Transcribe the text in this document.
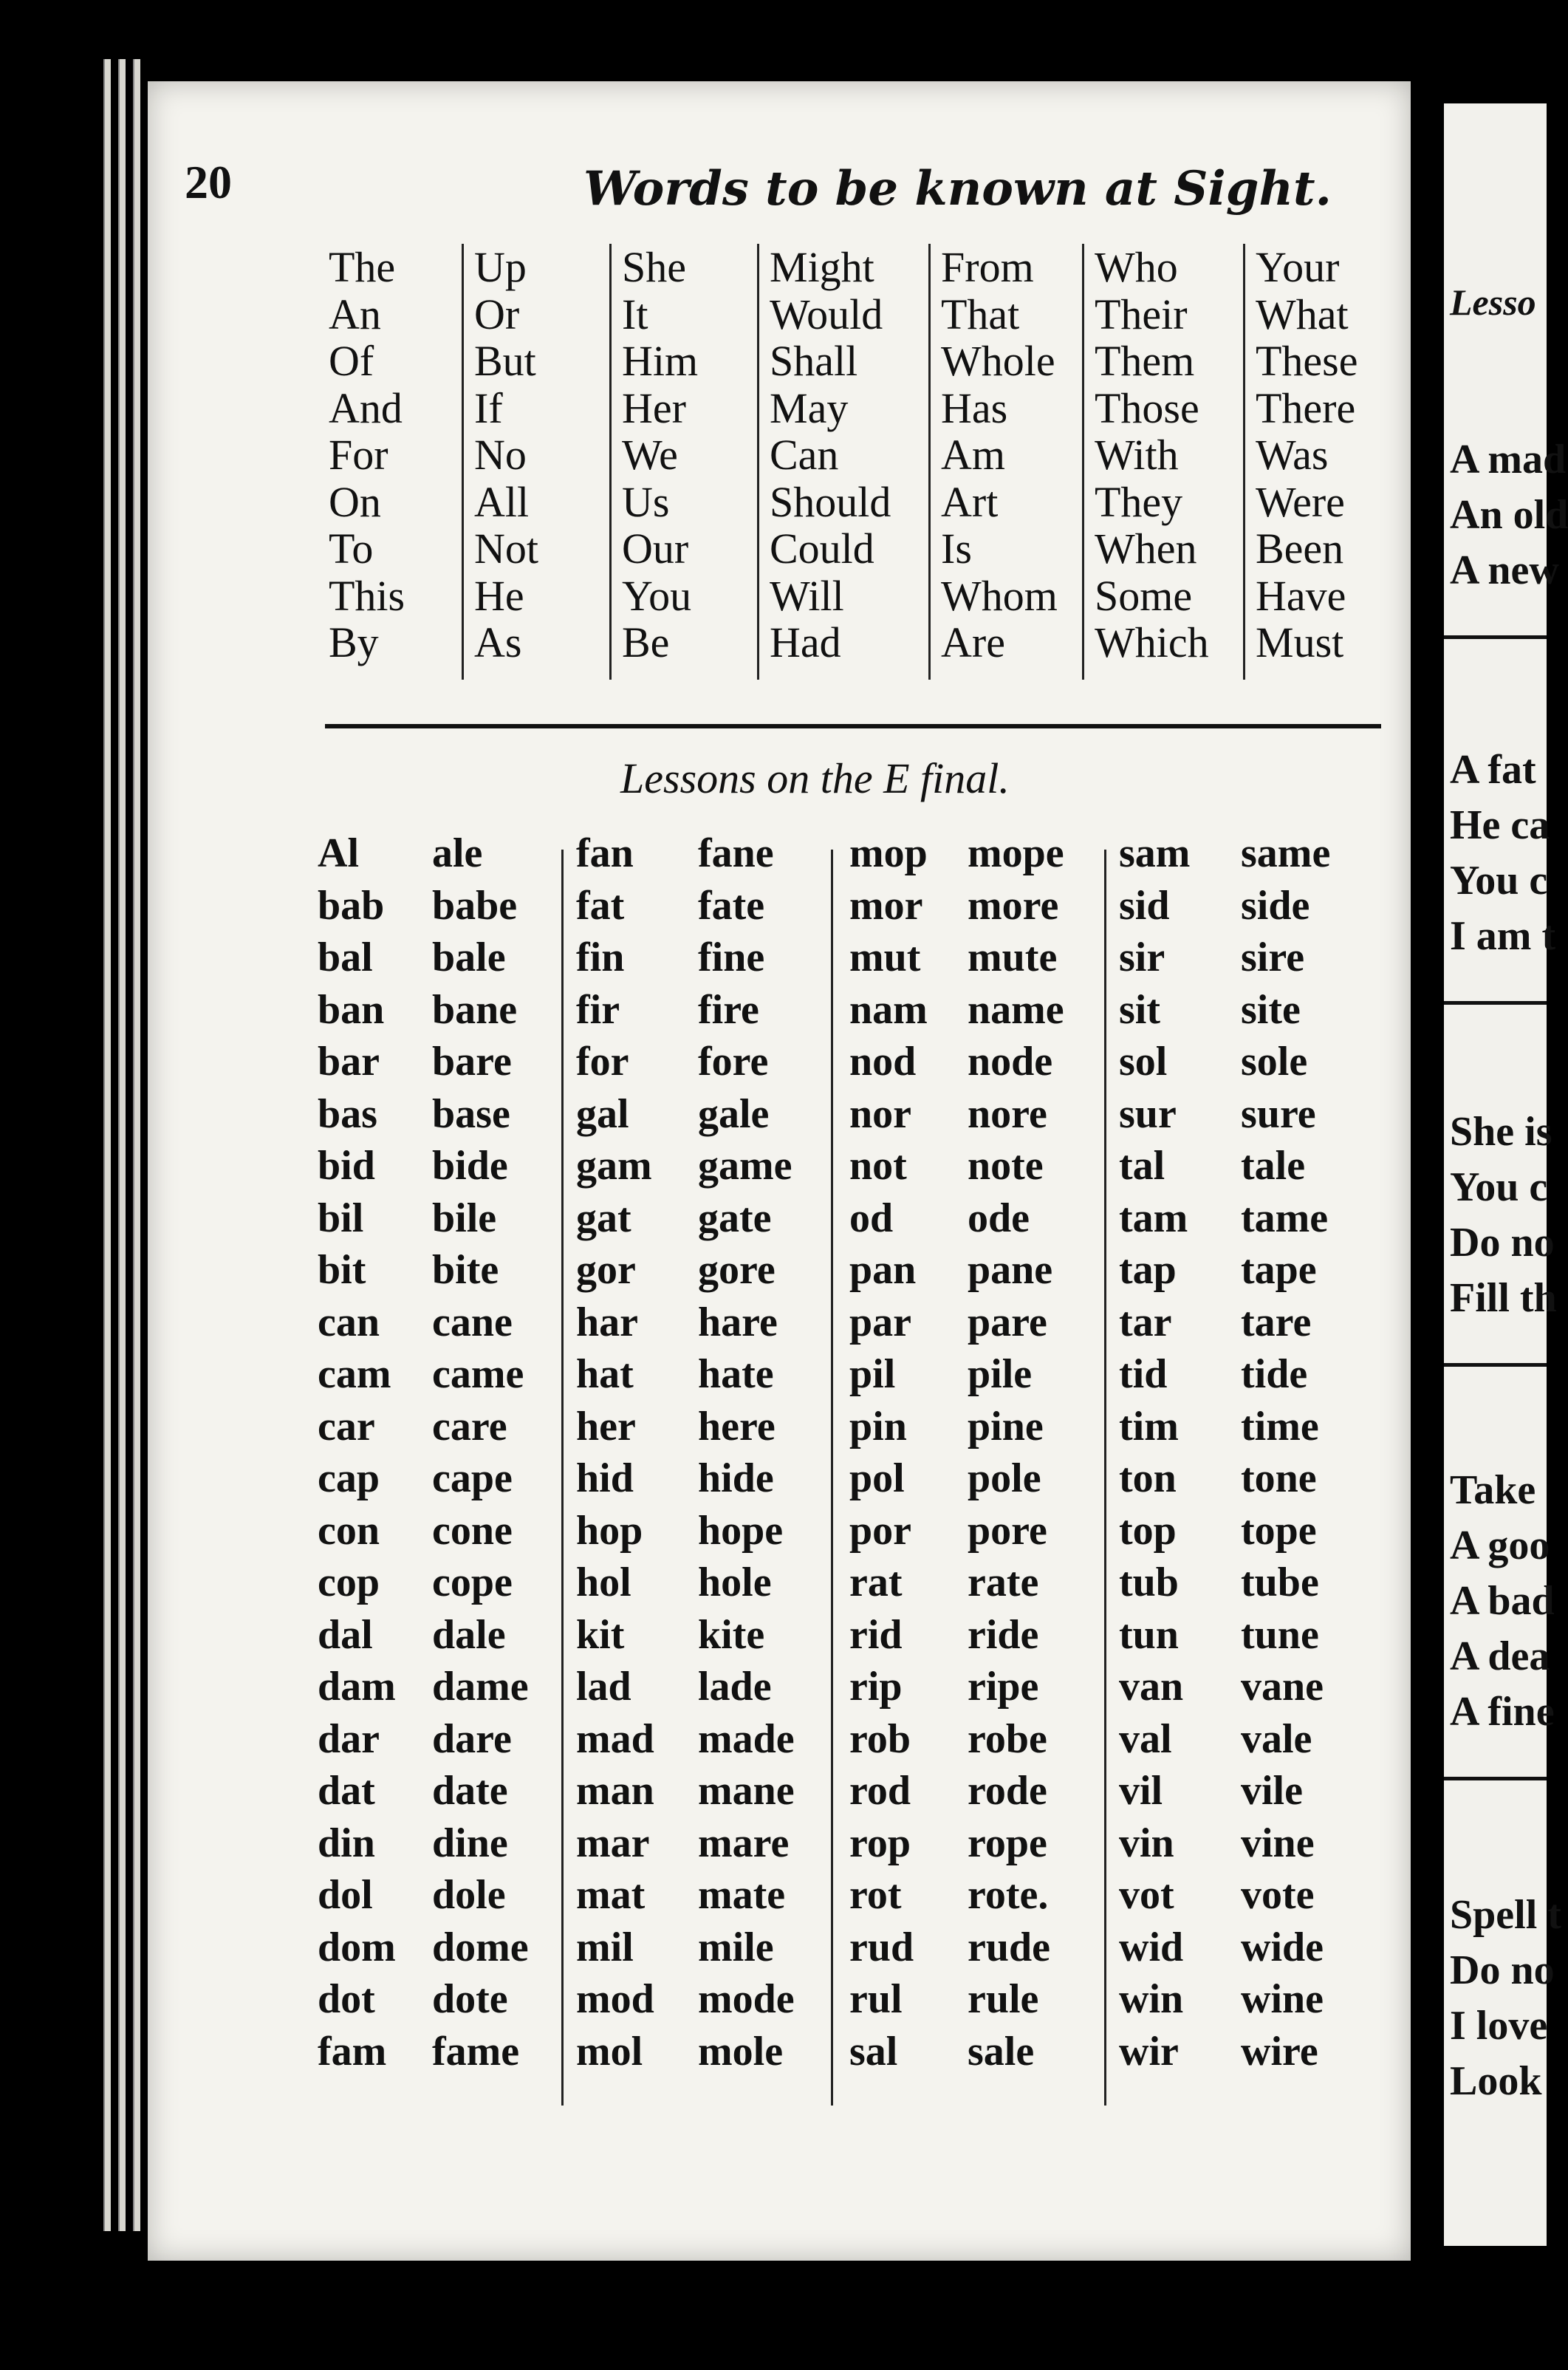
20	Words to be known at Sight.
The
An
Of
And
For
On
To
This
By
Up
Or
But
If
No
All
Not
He
As
She
It
Him
Her
We
Us
Our
You
Be
Might
Would
Shall
May
Can
Should
Could
Will
Had
From
That
Whole
Has
Am
Art
Is
Whom
Are
Who
Their
Them
Those
With
They
When
Some
Which
Your
What
These
There
Was
Were
Been
Have
Must
Lessons on the E final.
Al
bab
bal
ban
bar
bas
bid
bil
bit
can
cam
car
cap
con
cop
dal
dam
dar
dat
din
dol
dom
dot
fam
ale
babe
bale
bane
bare
base
bide
bile
bite
cane
came
care
cape
cone
cope
dale
dame
dare
date
dine
dole
dome
dote
fame
fan
fat
fin
fir
for
gal
gam
gat
gor
har
hat
her
hid
hop
hol
kit
lad
mad
man
mar
mat
mil
mod
mol
fane
fate
fine
fire
fore
gale
game
gate
gore
hare
hate
here
hide
hope
hole
kite
lade
made
mane
mare
mate
mile
mode
mole
mop
mor
mut
nam
nod
nor
not
od
pan
par
pil
pin
pol
por
rat
rid
rip
rob
rod
rop
rot
rud
rul
sal
mope
more
mute
name
node
nore
note
ode
pane
pare
pile
pine
pole
pore
rate
ride
ripe
robe
rode
rope
rote.
rude
rule
sale
sam
sid
sir
sit
sol
sur
tal
tam
tap
tar
tid
tim
ton
top
tub
tun
van
val
vil
vin
vot
wid
win
wir
same
side
sire
site
sole
sure
tale
tame
tape
tare
tide
time
tone
tope
tube
tune
vane
vale
vile
vine
vote
wide
wine
wire
Lesso
A mad
An old
A new
A fat
He ca
You c
I am t
She is
You c
Do no
Fill th
Take
A goo
A bad
A dea
A fine
Spell t
Do no
I love
Look
